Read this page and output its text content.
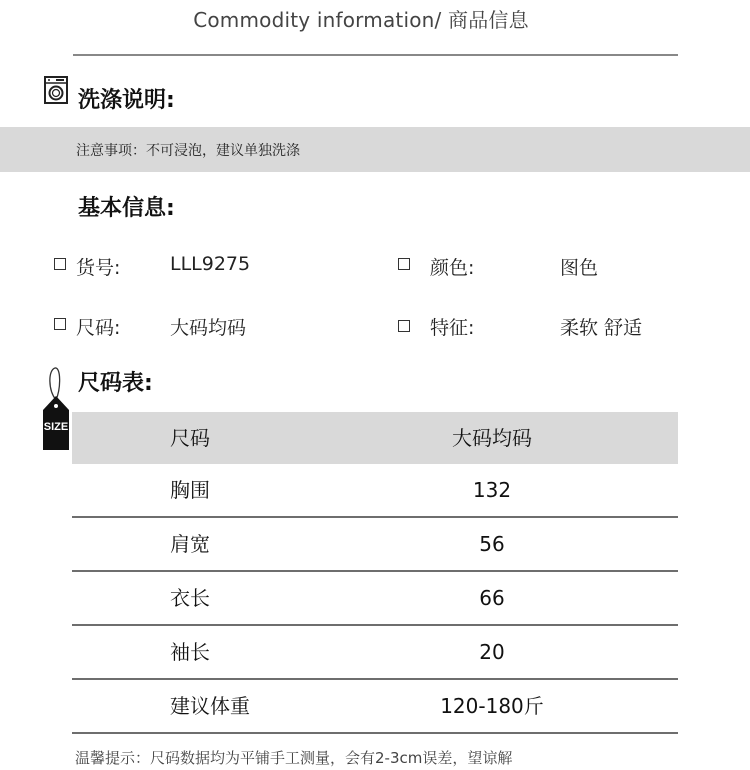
Commodity information/ 商品信息
洗涤说明:
注意事项：不可浸泡，建议单独洗涤
基本信息:
货号:	LLL9275	颜色:	图色
尺码:	大码均码	特征:	柔软 舒适
SIZE
尺码表:
尺码	大码均码
胸围	132
肩宽	56
衣长	66
袖长	20
建议体重	120-180斤
温馨提示：尺码数据均为平铺手工测量，会有2-3cm误差，望谅解
